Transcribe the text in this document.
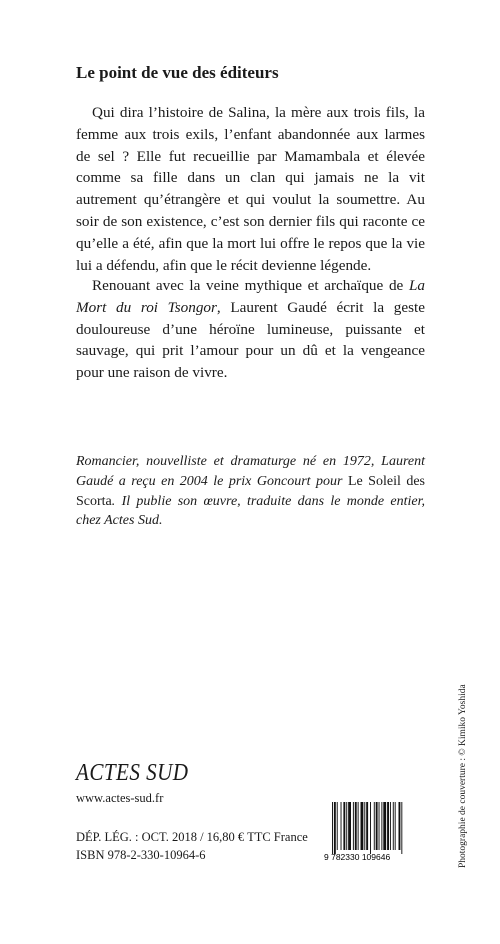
Le point de vue des éditeurs

Qui dira l’histoire de Salina, la mère aux trois fils, la femme aux trois exils, l’enfant abandonnée aux larmes de sel ? Elle fut recueillie par Mamambala et élevée comme sa fille dans un clan qui jamais ne la vit autrement qu’étrangère et qui voulut la soumettre. Au soir de son existence, c’est son dernier fils qui raconte ce qu’elle a été, afin que la mort lui offre le repos que la vie lui a défendu, afin que le récit devienne légende.

Renouant avec la veine mythique et archaïque de La Mort du roi Tsongor, Laurent Gaudé écrit la geste douloureuse d’une héroïne lumineuse, puissante et sauvage, qui prit l’amour pour un dû et la vengeance pour une raison de vivre.

Romancier, nouvelliste et dramaturge né en 1972, Laurent Gaudé a reçu en 2004 le prix Goncourt pour Le Soleil des Scorta. Il publie son œuvre, traduite dans le monde entier, chez Actes Sud.

ACTES SUD
www.actes-sud.fr
DÉP. LÉG. : OCT. 2018 / 16,80 € TTC France
ISBN 978-2-330-10964-6	9 782330 109646	Photographie de couverture : © Kimiko Yoshida
